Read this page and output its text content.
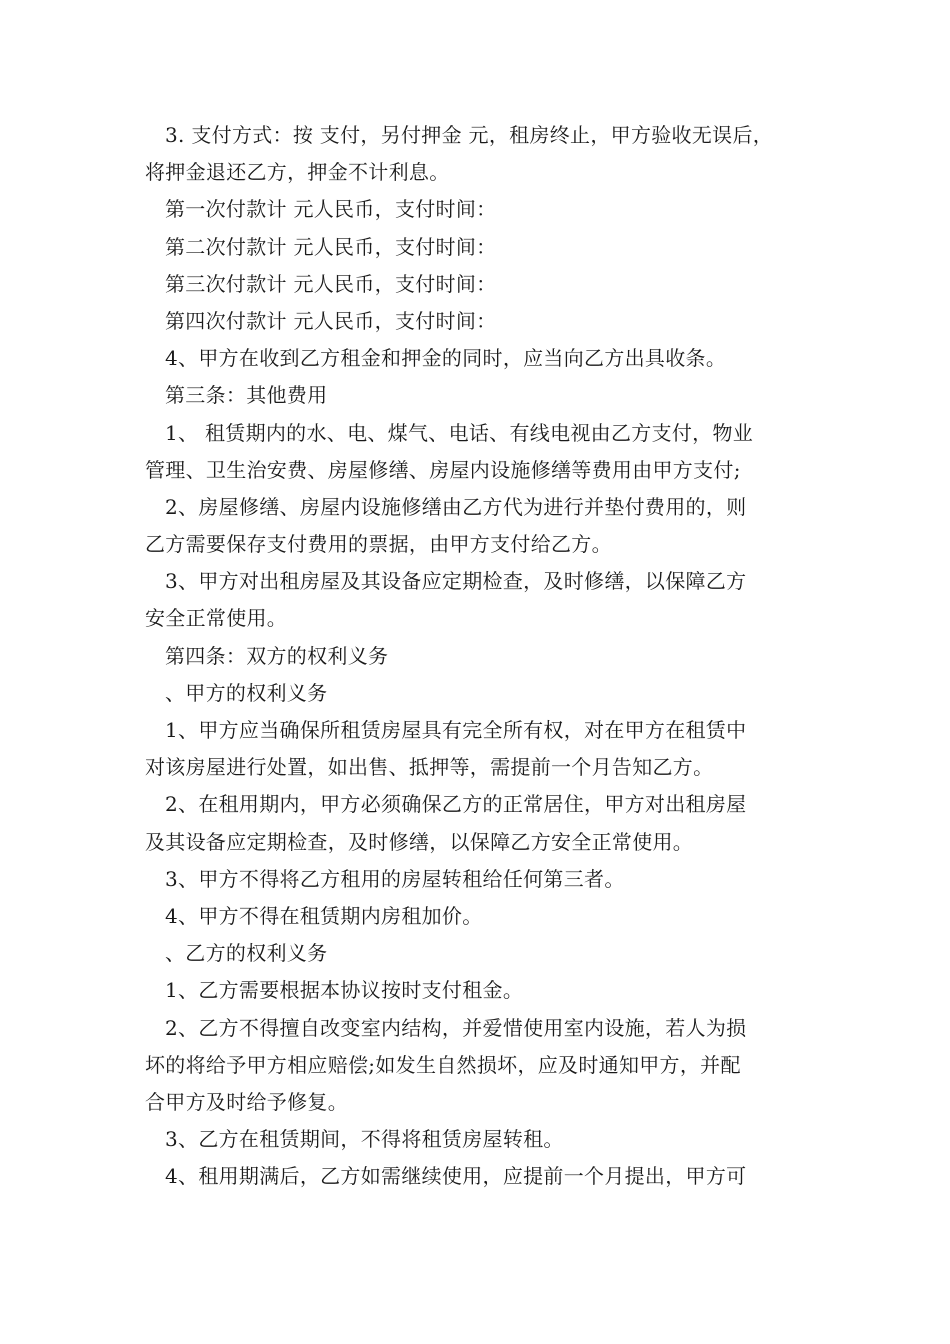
3. 支付方式：按 支付，另付押金 元，租房终止，甲方验收无误后，
将押金退还乙方，押金不计利息。
第一次付款计 元人民币，支付时间：
第二次付款计 元人民币，支付时间：
第三次付款计 元人民币，支付时间：
第四次付款计 元人民币，支付时间：
4、甲方在收到乙方租金和押金的同时，应当向乙方出具收条。
第三条：其他费用
1、 租赁期内的水、电、煤气、电话、有线电视由乙方支付，物业
管理、卫生治安费、房屋修缮、房屋内设施修缮等费用由甲方支付;
2、房屋修缮、房屋内设施修缮由乙方代为进行并垫付费用的，则
乙方需要保存支付费用的票据，由甲方支付给乙方。
3、甲方对出租房屋及其设备应定期检查，及时修缮，以保障乙方
安全正常使用。
第四条：双方的权利义务
、甲方的权利义务
1、甲方应当确保所租赁房屋具有完全所有权，对在甲方在租赁中
对该房屋进行处置，如出售、抵押等，需提前一个月告知乙方。
2、在租用期内，甲方必须确保乙方的正常居住，甲方对出租房屋
及其设备应定期检查，及时修缮，以保障乙方安全正常使用。
3、甲方不得将乙方租用的房屋转租给任何第三者。
4、甲方不得在租赁期内房租加价。
、乙方的权利义务
1、乙方需要根据本协议按时支付租金。
2、乙方不得擅自改变室内结构，并爱惜使用室内设施，若人为损
坏的将给予甲方相应赔偿;如发生自然损坏，应及时通知甲方，并配
合甲方及时给予修复。
3、乙方在租赁期间，不得将租赁房屋转租。
4、租用期满后，乙方如需继续使用，应提前一个月提出，甲方可
